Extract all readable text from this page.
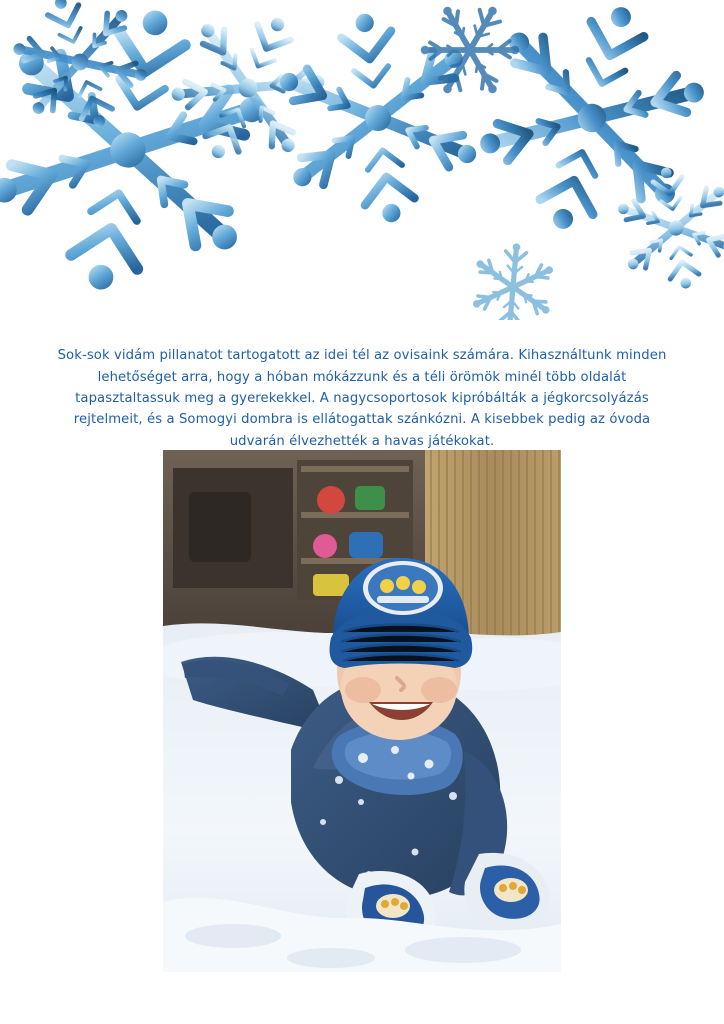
Sok-sok vidám pillanatot tartogatott az idei tél az ovisaink számára. Kihasználtunk minden lehetőséget arra, hogy a hóban mókázzunk és a téli örömök minél több oldalát tapasztaltassuk meg a gyerekekkel. A nagycsoportosok kipróbálták a jégkorcsolyázás rejtelmeit, és a Somogyi dombra is ellátogattak szánkózni. A kisebbek pedig az óvoda udvarán élvezhették a havas játékokat.
